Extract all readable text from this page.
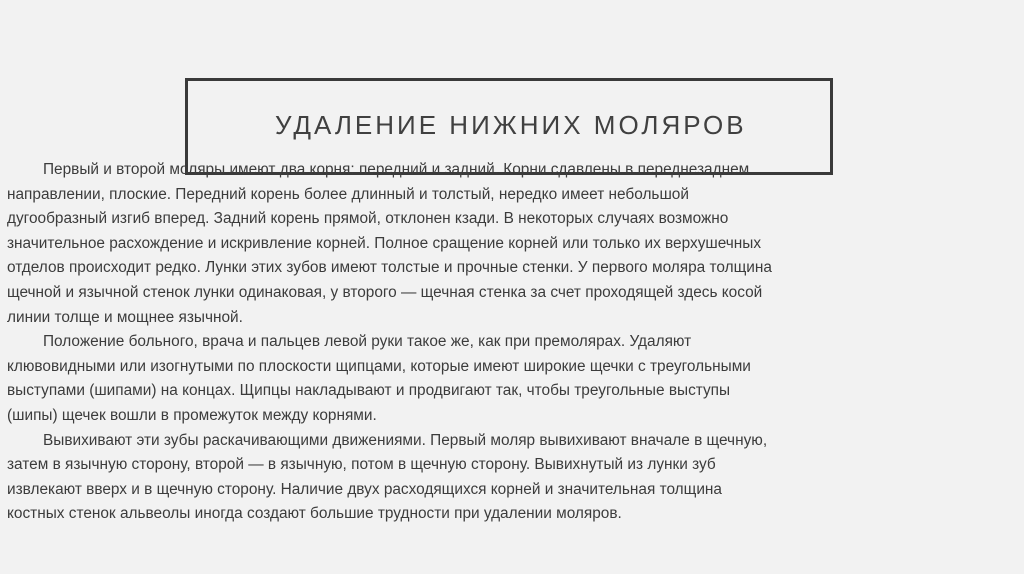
УДАЛЕНИЕ НИЖНИХ МОЛЯРОВ
Первый и второй моляры имеют два корня: передний и задний. Корни сдавлены в переднезаднем
направлении, плоские. Передний корень более длинный и толстый, нередко имеет небольшой
дугообразный изгиб вперед. Задний корень прямой, отклонен кзади. В некоторых случаях возможно
значительное расхождение и искривление корней. Полное сращение корней или только их верхушечных
отделов происходит редко. Лунки этих зубов имеют толстые и прочные стенки. У первого моляра толщина
щечной и язычной стенок лунки одинаковая, у второго — щечная стенка за счет проходящей здесь косой
линии толще и мощнее язычной.
Положение больного, врача и пальцев левой руки такое же, как при премолярах. Удаляют
клювовидными или изогнутыми по плоскости щипцами, которые имеют широкие щечки с треугольными
выступами (шипами) на концах. Щипцы накладывают и продвигают так, чтобы треугольные выступы
(шипы) щечек вошли в промежуток между корнями.
Вывихивают эти зубы раскачивающими движениями. Первый моляр вывихивают вначале в щечную,
затем в язычную сторону, второй — в язычную, потом в щечную сторону. Вывихнутый из лунки зуб
извлекают вверх и в щечную сторону. Наличие двух расходящихся корней и значительная толщина
костных стенок альвеолы иногда создают большие трудности при удалении моляров.
